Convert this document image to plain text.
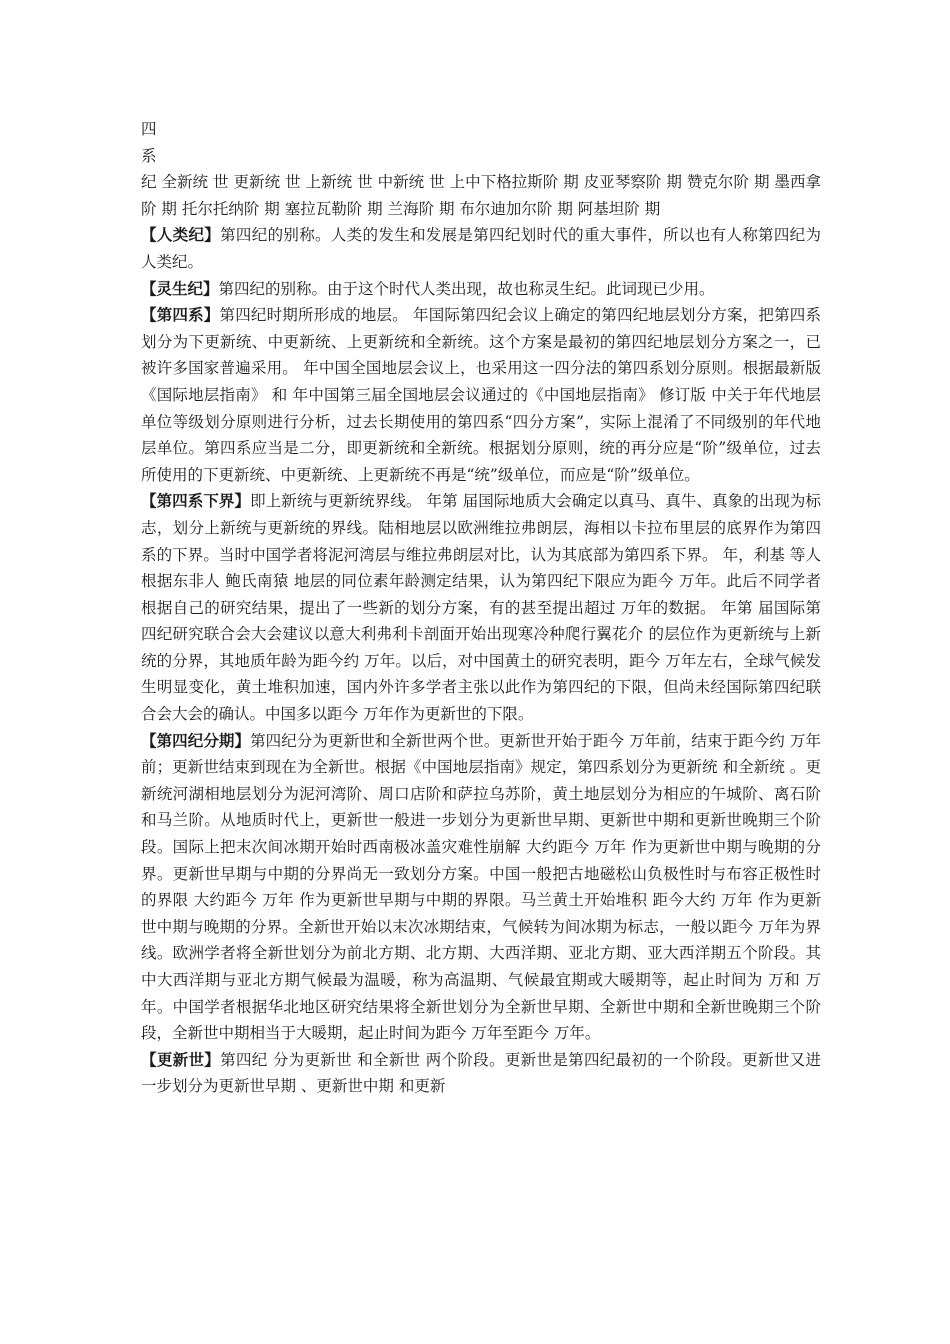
四

系

纪 全新统 世 更新统 世 上新统 世 中新统 世 上中下格拉斯阶 期 皮亚琴察阶 期 赞克尔阶 期 墨西拿阶 期 托尔托纳阶 期 塞拉瓦勒阶 期 兰海阶 期 布尔迪加尔阶 期 阿基坦阶 期

【人类纪】第四纪的别称。人类的发生和发展是第四纪划时代的重大事件，所以也有人称第四纪为人类纪。

【灵生纪】第四纪的别称。由于这个时代人类出现，故也称灵生纪。此词现已少用。

【第四系】第四纪时期所形成的地层。 年国际第四纪会议上确定的第四纪地层划分方案，把第四系划分为下更新统、中更新统、上更新统和全新统。这个方案是最初的第四纪地层划分方案之一，已被许多国家普遍采用。 年中国全国地层会议上，也采用这一四分法的第四系划分原则。根据最新版《国际地层指南》 和 年中国第三届全国地层会议通过的《中国地层指南》 修订版 中关于年代地层单位等级划分原则进行分析，过去长期使用的第四系“四分方案”，实际上混淆了不同级别的年代地层单位。第四系应当是二分，即更新统和全新统。根据划分原则，统的再分应是“阶”级单位，过去所使用的下更新统、中更新统、上更新统不再是“统”级单位，而应是“阶”级单位。

【第四系下界】即上新统与更新统界线。 年第 届国际地质大会确定以真马、真牛、真象的出现为标志，划分上新统与更新统的界线。陆相地层以欧洲维拉弗朗层，海相以卡拉布里层的底界作为第四系的下界。当时中国学者将泥河湾层与维拉弗朗层对比，认为其底部为第四系下界。 年，利基 等人根据东非人 鲍氏南猿 地层的同位素年龄测定结果，认为第四纪下限应为距今 万年。此后不同学者根据自己的研究结果，提出了一些新的划分方案，有的甚至提出超过 万年的数据。 年第 届国际第四纪研究联合会大会建议以意大利弗利卡剖面开始出现寒冷种爬行翼花介 的层位作为更新统与上新统的分界，其地质年龄为距今约 万年。以后，对中国黄土的研究表明，距今 万年左右，全球气候发生明显变化，黄土堆积加速，国内外许多学者主张以此作为第四纪的下限，但尚未经国际第四纪联合会大会的确认。中国多以距今 万年作为更新世的下限。

【第四纪分期】第四纪分为更新世和全新世两个世。更新世开始于距今 万年前，结束于距今约 万年前；更新世结束到现在为全新世。根据《中国地层指南》规定，第四系划分为更新统 和全新统 。更新统河湖相地层划分为泥河湾阶、周口店阶和萨拉乌苏阶，黄土地层划分为相应的午城阶、离石阶和马兰阶。从地质时代上，更新世一般进一步划分为更新世早期、更新世中期和更新世晚期三个阶段。国际上把末次间冰期开始时西南极冰盖灾难性崩解 大约距今 万年 作为更新世中期与晚期的分界。更新世早期与中期的分界尚无一致划分方案。中国一般把古地磁松山负极性时与布容正极性时的界限 大约距今 万年 作为更新世早期与中期的界限。马兰黄土开始堆积 距今大约 万年 作为更新世中期与晚期的分界。全新世开始以末次冰期结束，气候转为间冰期为标志，一般以距今 万年为界线。欧洲学者将全新世划分为前北方期、北方期、大西洋期、亚北方期、亚大西洋期五个阶段。其中大西洋期与亚北方期气候最为温暖，称为高温期、气候最宜期或大暖期等，起止时间为 万和 万年。中国学者根据华北地区研究结果将全新世划分为全新世早期、全新世中期和全新世晚期三个阶段，全新世中期相当于大暖期，起止时间为距今 万年至距今 万年。

【更新世】第四纪 分为更新世 和全新世 两个阶段。更新世是第四纪最初的一个阶段。更新世又进一步划分为更新世早期 、更新世中期 和更新
